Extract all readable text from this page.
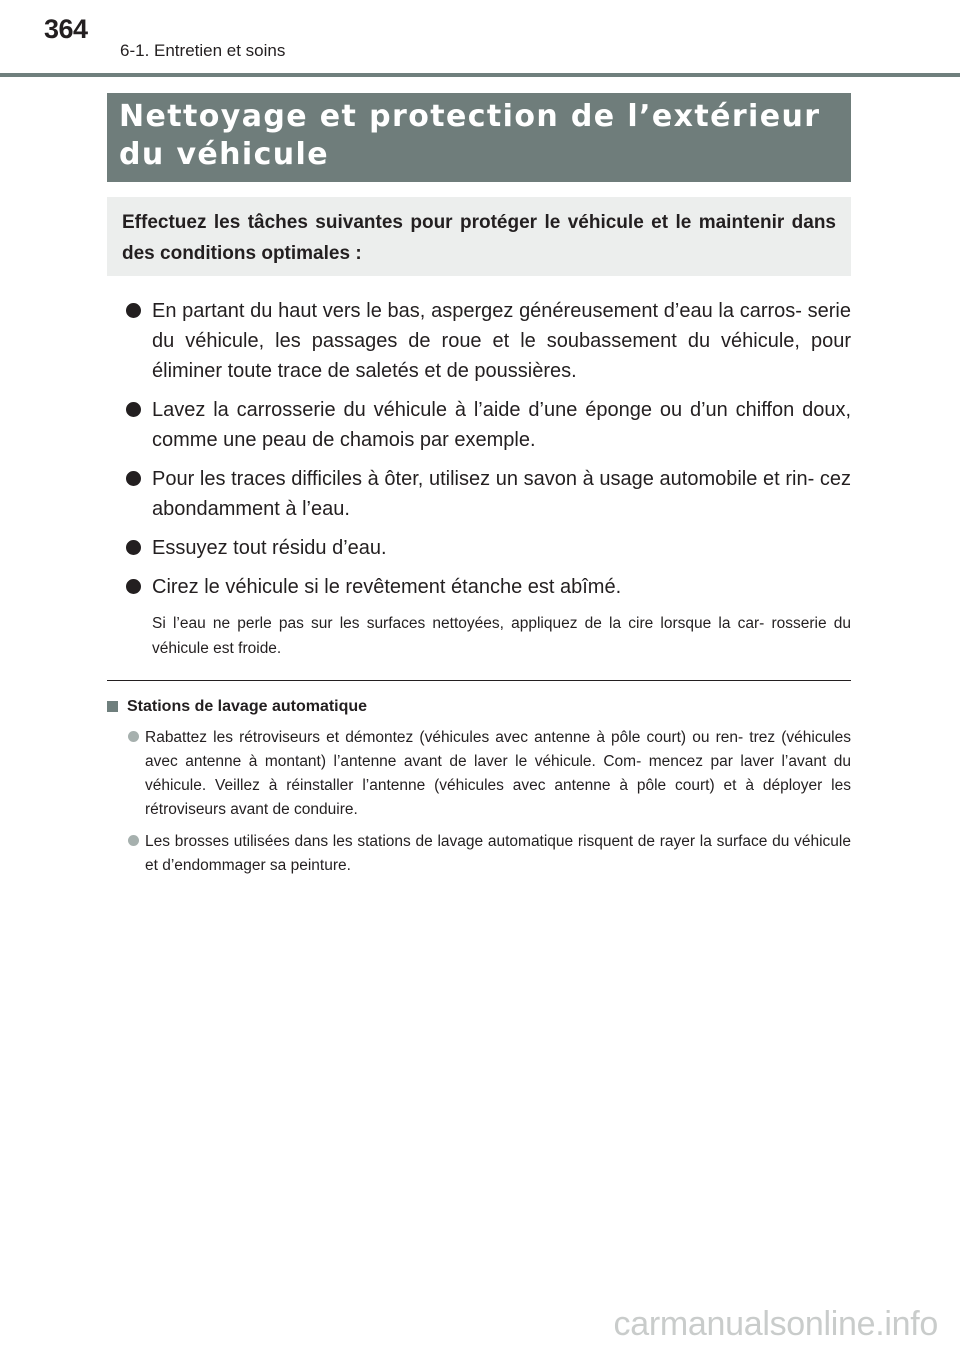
364
6-1. Entretien et soins
Nettoyage et protection de l’extérieur
du véhicule

Effectuez les tâches suivantes pour protéger le véhicule et le maintenir dans des conditions optimales :

En partant du haut vers le bas, aspergez généreusement d’eau la carros- serie du véhicule, les passages de roue et le soubassement du véhicule, pour éliminer toute trace de saletés et de poussières.

Lavez la carrosserie du véhicule à l’aide d’une éponge ou d’un chiffon doux, comme une peau de chamois par exemple.

Pour les traces difficiles à ôter, utilisez un savon à usage automobile et rin- cez abondamment à l’eau.

Essuyez tout résidu d’eau.

Cirez le véhicule si le revêtement étanche est abîmé.

Si l’eau ne perle pas sur les surfaces nettoyées, appliquez de la cire lorsque la car- rosserie du véhicule est froide.

Stations de lavage automatique

Rabattez les rétroviseurs et démontez (véhicules avec antenne à pôle court) ou ren- trez (véhicules avec antenne à montant) l’antenne avant de laver le véhicule. Com- mencez par laver l’avant du véhicule. Veillez à réinstaller l’antenne (véhicules avec antenne à pôle court) et à déployer les rétroviseurs avant de conduire.

Les brosses utilisées dans les stations de lavage automatique risquent de rayer la surface du véhicule et d’endommager sa peinture.

carmanualsonline.info
